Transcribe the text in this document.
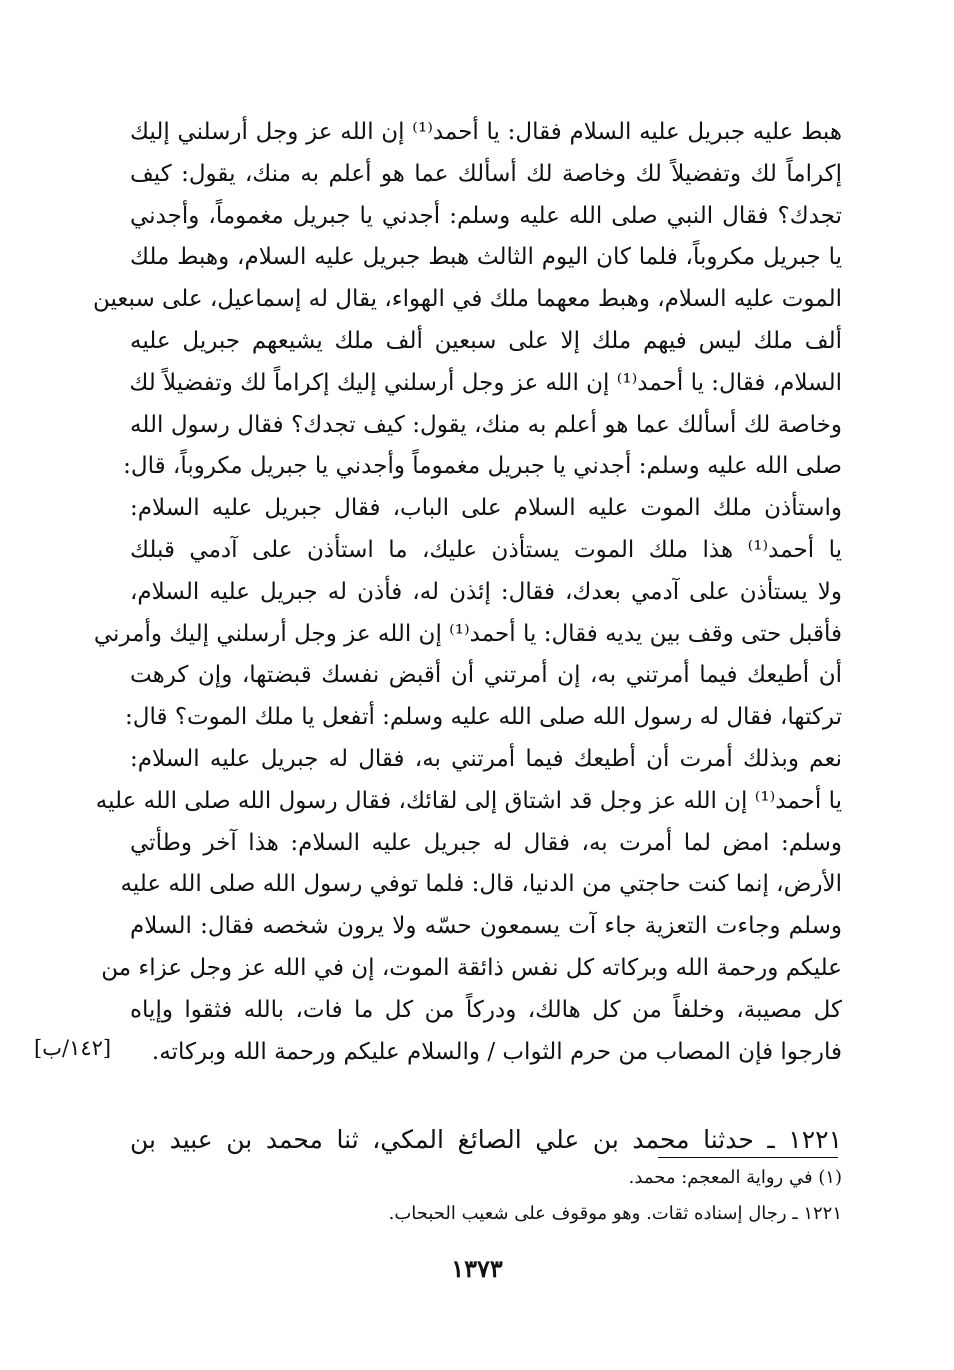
هبط عليه جبريل عليه السلام فقال: يا أحمد⁽¹⁾ إن الله عز وجل أرسلني إليك
إكراماً لك وتفضيلاً لك وخاصة لك أسألك عما هو أعلم به منك، يقول: كيف
تجدك؟ فقال النبي صلى الله عليه وسلم: أجدني يا جبريل مغموماً، وأجدني
يا جبريل مكروباً، فلما كان اليوم الثالث هبط جبريل عليه السلام، وهبط ملك
الموت عليه السلام، وهبط معهما ملك في الهواء، يقال له إسماعيل، على سبعين
ألف ملك ليس فيهم ملك إلا على سبعين ألف ملك يشيعهم جبريل عليه
السلام، فقال: يا أحمد⁽¹⁾ إن الله عز وجل أرسلني إليك إكراماً لك وتفضيلاً لك
وخاصة لك أسألك عما هو أعلم به منك، يقول: كيف تجدك؟ فقال رسول الله
صلى الله عليه وسلم: أجدني يا جبريل مغموماً وأجدني يا جبريل مكروباً، قال:
واستأذن ملك الموت عليه السلام على الباب، فقال جبريل عليه السلام:
يا أحمد⁽¹⁾ هذا ملك الموت يستأذن عليك، ما استأذن على آدمي قبلك
ولا يستأذن على آدمي بعدك، فقال: إئذن له، فأذن له جبريل عليه السلام،
فأقبل حتى وقف بين يديه فقال: يا أحمد⁽¹⁾ إن الله عز وجل أرسلني إليك وأمرني
أن أطيعك فيما أمرتني به، إن أمرتني أن أقبض نفسك قبضتها، وإن كرهت
تركتها، فقال له رسول الله صلى الله عليه وسلم: أتفعل يا ملك الموت؟ قال:
نعم وبذلك أمرت أن أطيعك فيما أمرتني به، فقال له جبريل عليه السلام:
يا أحمد⁽¹⁾ إن الله عز وجل قد اشتاق إلى لقائك، فقال رسول الله صلى الله عليه
وسلم: امض لما أمرت به، فقال له جبريل عليه السلام: هذا آخر وطأتي
الأرض، إنما كنت حاجتي من الدنيا، قال: فلما توفي رسول الله صلى الله عليه
وسلم وجاءت التعزية جاء آت يسمعون حسّه ولا يرون شخصه فقال: السلام
عليكم ورحمة الله وبركاته كل نفس ذائقة الموت، إن في الله عز وجل عزاء من
كل مصيبة، وخلفاً من كل هالك، ودركاً من كل ما فات، بالله فثقوا وإياه
فارجوا فإن المصاب من حرم الثواب / والسلام عليكم ورحمة الله وبركاته.
[١٤٢/ب]
١٢٢١ ـ حدثنا محمد بن علي الصائغ المكي، ثنا محمد بن عبيد بن
(١) في رواية المعجم: محمد.
١٢٢١ ـ رجال إسناده ثقات. وهو موقوف على شعيب الحبحاب.
١٣٧٣
